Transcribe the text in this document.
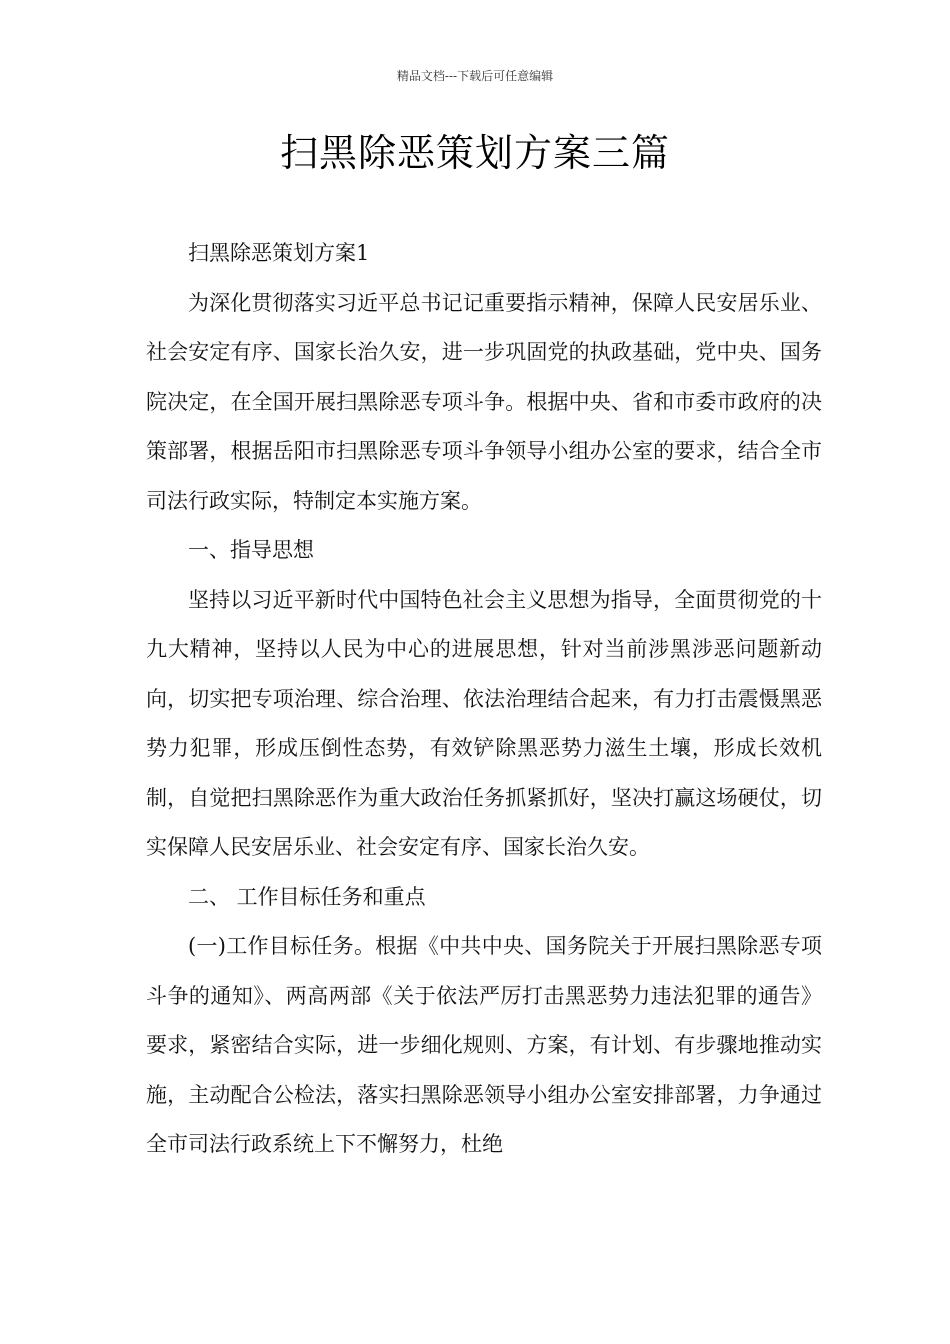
精品文档---下载后可任意编辑
扫黑除恶策划方案三篇

扫黑除恶策划方案1

为深化贯彻落实习近平总书记记重要指示精神，保障人民安居乐业、社会安定有序、国家长治久安，进一步巩固党的执政基础，党中央、国务院决定，在全国开展扫黑除恶专项斗争。根据中央、省和市委市政府的决策部署，根据岳阳市扫黑除恶专项斗争领导小组办公室的要求，结合全市司法行政实际，特制定本实施方案。

一、指导思想

坚持以习近平新时代中国特色社会主义思想为指导，全面贯彻党的十九大精神，坚持以人民为中心的进展思想，针对当前涉黑涉恶问题新动向，切实把专项治理、综合治理、依法治理结合起来，有力打击震慑黑恶势力犯罪，形成压倒性态势，有效铲除黑恶势力滋生土壤，形成长效机制，自觉把扫黑除恶作为重大政治任务抓紧抓好，坚决打赢这场硬仗，切实保障人民安居乐业、社会安定有序、国家长治久安。

二、 工作目标任务和重点

(一)工作目标任务。根据《中共中央、国务院关于开展扫黑除恶专项斗争的通知》、两高两部《关于依法严厉打击黑恶势力违法犯罪的通告》要求，紧密结合实际，进一步细化规则、方案，有计划、有步骤地推动实施，主动配合公检法，落实扫黑除恶领导小组办公室安排部署，力争通过全市司法行政系统上下不懈努力，杜绝
